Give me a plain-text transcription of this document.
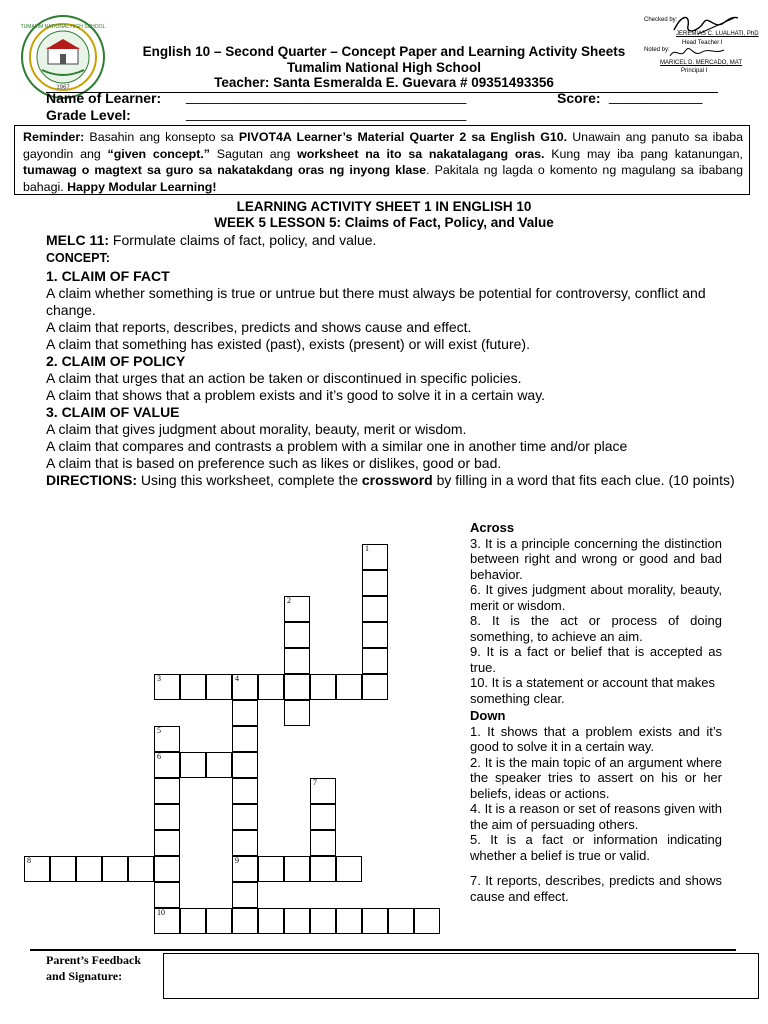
TUMALIM NATIONAL HIGH SCHOOL
1967
English 10 – Second Quarter – Concept Paper and Learning Activity Sheets
Tumalim National High School
Teacher: Santa Esmeralda E. Guevara # 09351493356
Checked by:
JEREMIAS C. LUALHATI, PhD
Head Teacher I
Noted by:
MARICEL D. MERCADO, MAT
Principal I
Name of Learner: ____________________________________	Score: ____________
Grade Level:	____________________________________
Reminder: Basahin ang konsepto sa PIVOT4A Learner’s Material Quarter 2 sa English G10. Unawain ang panuto sa ibaba gayondin ang “given concept.” Sagutan ang worksheet na ito sa nakatalagang oras. Kung may iba pang katanungan, tumawag o magtext sa guro sa nakatakdang oras ng inyong klase. Pakitala ng lagda o komento ng magulang sa ibabang bahagi. Happy Modular Learning!
LEARNING ACTIVITY SHEET 1 IN ENGLISH 10
WEEK 5 LESSON 5: Claims of Fact, Policy, and Value
MELC 11: Formulate claims of fact, policy, and value.
CONCEPT:
1. CLAIM OF FACT
A claim whether something is true or untrue but there must always be potential for controversy, conflict and change.
A claim that reports, describes, predicts and shows cause and effect.
A claim that something has existed (past), exists (present) or will exist (future).
2. CLAIM OF POLICY
A claim that urges that an action be taken or discontinued in specific policies.
A claim that shows that a problem exists and it’s good to solve it in a certain way.
3. CLAIM OF VALUE
A claim that gives judgment about morality, beauty, merit or wisdom.
A claim that compares and contrasts a problem with a similar one in another time and/or place
A claim that is based on preference such as likes or dislikes, good or bad.
DIRECTIONS: Using this worksheet, complete the crossword by filling in a word that fits each clue. (10 points)
1
2
3	4
9
5
6
10
7
8
Across

3. It is a principle concerning the distinction between right and wrong or good and bad behavior.

6. It gives judgment about morality, beauty, merit or wisdom.

8. It is the act or process of doing something, to achieve an aim.

9. It is a fact or belief that is accepted as true.

10. It is a statement or account that makes something clear.

Down

1. It shows that a problem exists and it’s good to solve it in a certain way.

2. It is the main topic of an argument where the speaker tries to assert on his or her beliefs, ideas or actions.

4. It is a reason or set of reasons given with the aim of persuading others.

5. It is a fact or information indicating whether a belief is true or valid.

7. It reports, describes, predicts and shows cause and effect.

Parent’s Feedback
and Signature:
